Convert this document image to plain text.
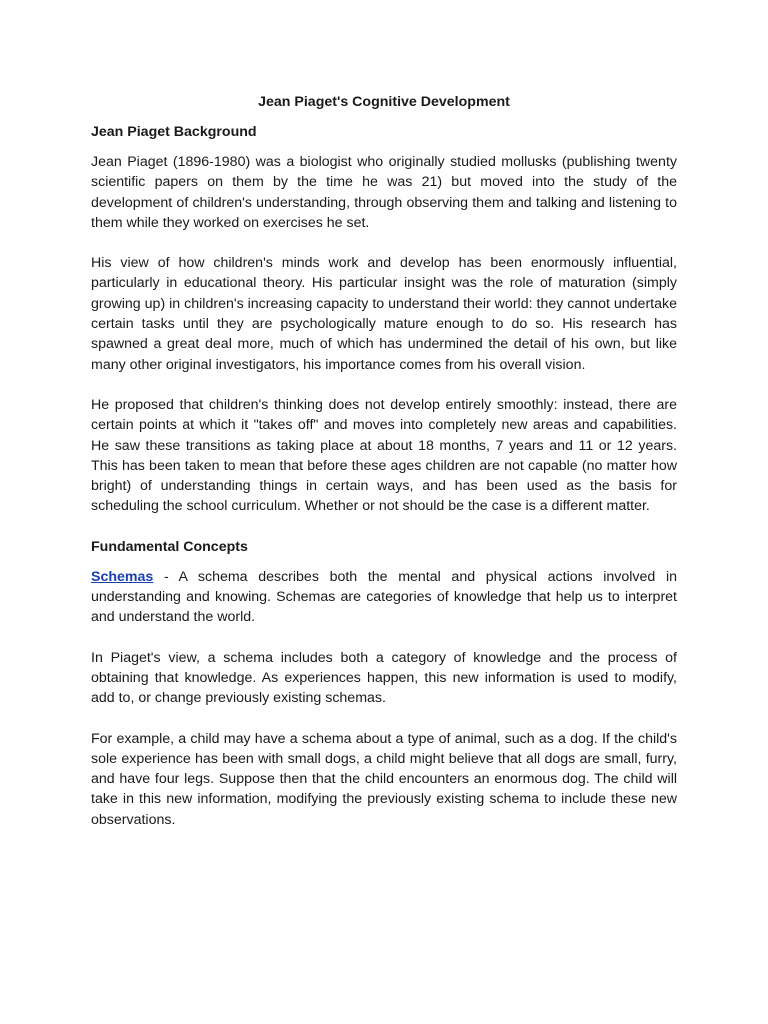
Jean Piaget's Cognitive Development
Jean Piaget Background

Jean Piaget (1896-1980) was a biologist who originally studied mollusks (publishing twenty scientific papers on them by the time he was 21) but moved into the study of the development of children's understanding, through observing them and talking and listening to them while they worked on exercises he set.

His view of how children's minds work and develop has been enormously influential, particularly in educational theory. His particular insight was the role of maturation (simply growing up) in children's increasing capacity to understand their world: they cannot undertake certain tasks until they are psychologically mature enough to do so. His research has spawned a great deal more, much of which has undermined the detail of his own, but like many other original investigators, his importance comes from his overall vision.

He proposed that children's thinking does not develop entirely smoothly: instead, there are certain points at which it "takes off" and moves into completely new areas and capabilities. He saw these transitions as taking place at about 18 months, 7 years and 11 or 12 years. This has been taken to mean that before these ages children are not capable (no matter how bright) of understanding things in certain ways, and has been used as the basis for scheduling the school curriculum. Whether or not should be the case is a different matter.

Fundamental Concepts

Schemas - A schema describes both the mental and physical actions involved in understanding and knowing. Schemas are categories of knowledge that help us to interpret and understand the world.

In Piaget's view, a schema includes both a category of knowledge and the process of obtaining that knowledge. As experiences happen, this new information is used to modify, add to, or change previously existing schemas.

For example, a child may have a schema about a type of animal, such as a dog. If the child's sole experience has been with small dogs, a child might believe that all dogs are small, furry, and have four legs. Suppose then that the child encounters an enormous dog. The child will take in this new information, modifying the previously existing schema to include these new observations.
